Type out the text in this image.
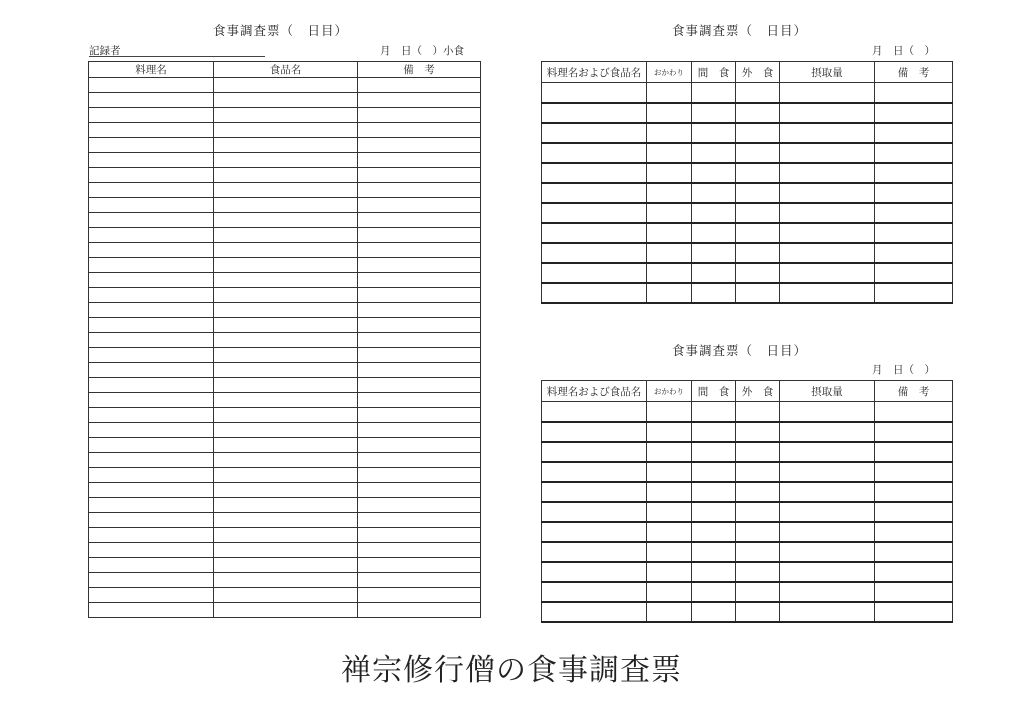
食事調査票（　日目）
記録者	月　日（　）小食
料理名	食品名	備　考

食事調査票（　日目）
月　日（　）
料理名および食品名	おかわり	間　食	外　食	摂取量	備　考

食事調査票（　日目）
月　日（　）
料理名および食品名	おかわり	間　食	外　食	摂取量	備　考

禅宗修行僧の食事調査票
